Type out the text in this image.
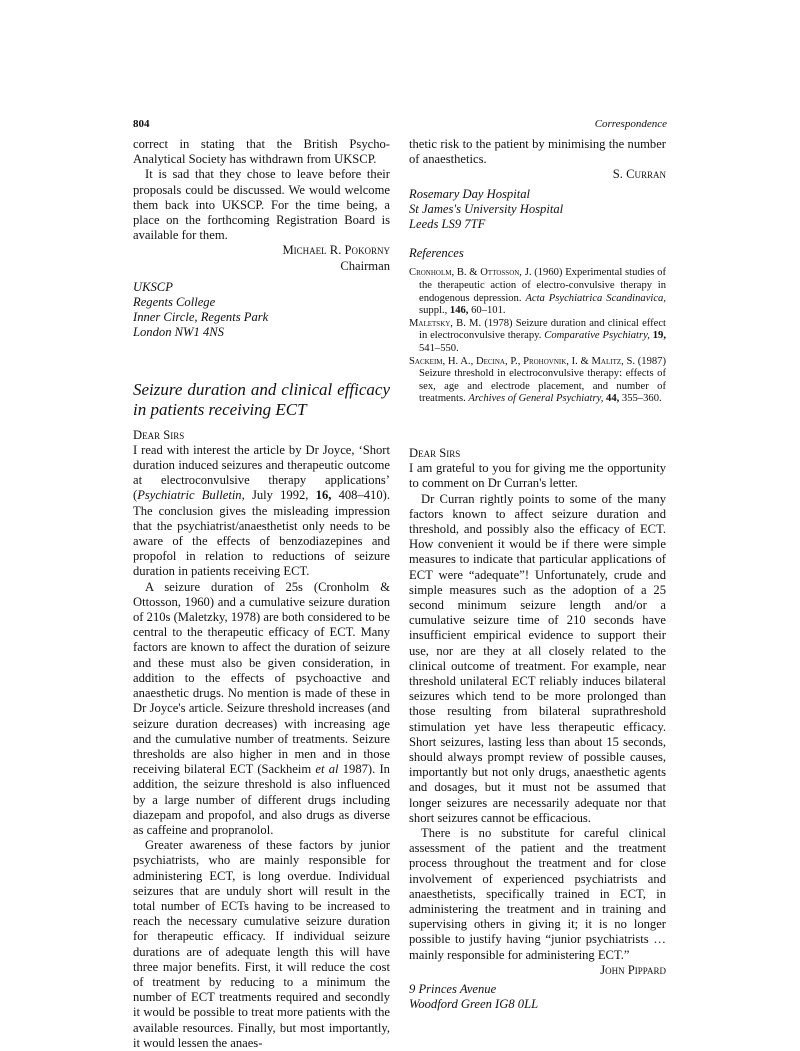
804	Correspondence

correct in stating that the British Psycho-Analytical Society has withdrawn from UKSCP.

It is sad that they chose to leave before their proposals could be discussed. We would welcome them back into UKSCP. For the time being, a place on the forthcoming Registration Board is available for them.

Michael R. Pokorny

Chairman

UKSCP

Regents College

Inner Circle, Regents Park

London NW1 4NS

Seizure duration and clinical efficacy in patients receiving ECT

Dear Sirs

I read with interest the article by Dr Joyce, ‘Short duration induced seizures and therapeutic outcome at electroconvulsive therapy applications’ (Psychiatric Bulletin, July 1992, 16, 408–410). The conclusion gives the misleading impression that the psychiatrist/anaesthetist only needs to be aware of the effects of benzodiazepines and propofol in relation to reductions of seizure duration in patients receiving ECT.

A seizure duration of 25s (Cronholm & Ottosson, 1960) and a cumulative seizure duration of 210s (Maletzky, 1978) are both considered to be central to the therapeutic efficacy of ECT. Many factors are known to affect the duration of seizure and these must also be given consideration, in addition to the effects of psychoactive and anaesthetic drugs. No mention is made of these in Dr Joyce's article. Seizure threshold increases (and seizure duration decreases) with increasing age and the cumulative number of treatments. Seizure thresholds are also higher in men and in those receiving bilateral ECT (Sackheim et al 1987). In addition, the seizure threshold is also influenced by a large number of different drugs including diazepam and propofol, and also drugs as diverse as caffeine and propranolol.

Greater awareness of these factors by junior psychiatrists, who are mainly responsible for administering ECT, is long overdue. Individual seizures that are unduly short will result in the total number of ECTs having to be increased to reach the necessary cumulative seizure duration for therapeutic efficacy. If individual seizure durations are of adequate length this will have three major benefits. First, it will reduce the cost of treatment by reducing to a minimum the number of ECT treatments required and secondly it would be possible to treat more patients with the available resources. Finally, but most importantly, it would lessen the anaes-

thetic risk to the patient by minimising the number of anaesthetics.

S. Curran

Rosemary Day Hospital

St James's University Hospital

Leeds LS9 7TF

References

Cronholm, B. & Ottosson, J. (1960) Experimental studies of the therapeutic action of electro-convulsive therapy in endogenous depression. Acta Psychiatrica Scandinavica, suppl., 146, 60–101.

Maletsky, B. M. (1978) Seizure duration and clinical effect in electroconvulsive therapy. Comparative Psychiatry, 19, 541–550.

Sackeim, H. A., Decina, P., Prohovnik, I. & Malitz, S. (1987) Seizure threshold in electroconvulsive therapy: effects of sex, age and electrode placement, and number of treatments. Archives of General Psychiatry, 44, 355–360.

Dear Sirs

I am grateful to you for giving me the opportunity to comment on Dr Curran's letter.

Dr Curran rightly points to some of the many factors known to affect seizure duration and threshold, and possibly also the efficacy of ECT. How convenient it would be if there were simple measures to indicate that particular applications of ECT were “adequate”! Unfortunately, crude and simple measures such as the adoption of a 25 second minimum seizure length and/or a cumulative seizure time of 210 seconds have insufficient empirical evidence to support their use, nor are they at all closely related to the clinical outcome of treatment. For example, near threshold unilateral ECT reliably induces bilateral seizures which tend to be more prolonged than those resulting from bilateral suprathreshold stimulation yet have less therapeutic efficacy. Short seizures, lasting less than about 15 seconds, should always prompt review of possible causes, importantly but not only drugs, anaesthetic agents and dosages, but it must not be assumed that longer seizures are necessarily adequate nor that short seizures cannot be efficacious.

There is no substitute for careful clinical assessment of the patient and the treatment process throughout the treatment and for close involvement of experienced psychiatrists and anaesthetists, specifically trained in ECT, in administering the treatment and in training and supervising others in giving it; it is no longer possible to justify having “junior psychiatrists … mainly responsible for administering ECT.”

John Pippard

9 Princes Avenue

Woodford Green IG8 0LL
